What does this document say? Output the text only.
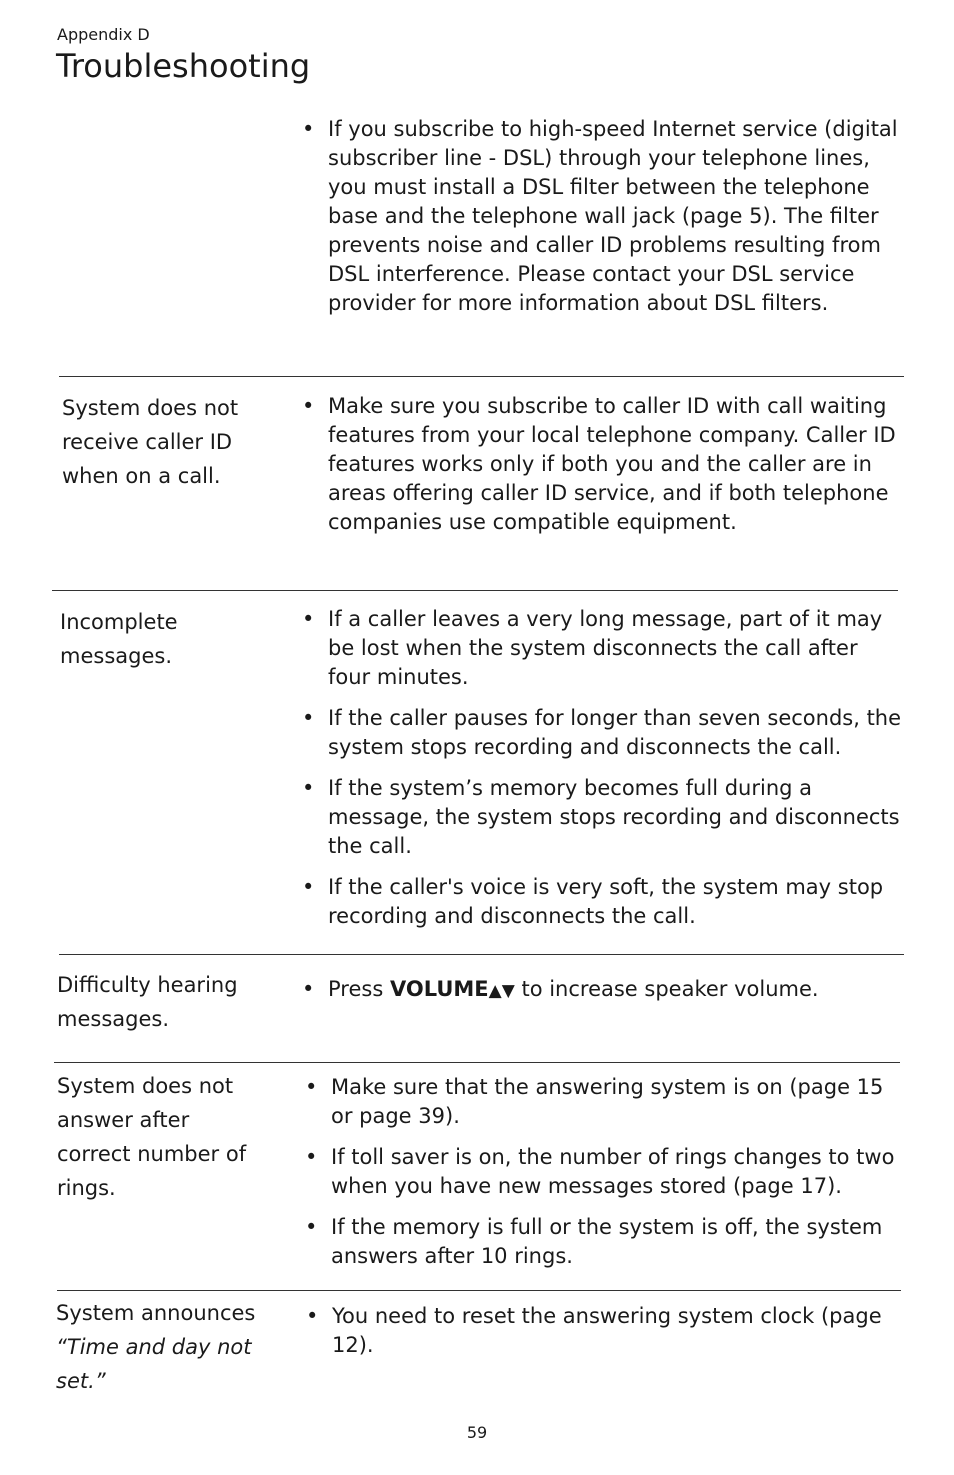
Appendix D
Troubleshooting
• If you subscribe to high-speed Internet service (digital subscriber line - DSL) through your telephone lines, you must install a DSL filter between the telephone base and the telephone wall jack (page 5). The filter prevents noise and caller ID problems resulting from DSL interference. Please contact your DSL service provider for more information about DSL filters.
System does not receive caller ID when on a call.
• Make sure you subscribe to caller ID with call waiting features from your local telephone company. Caller ID features works only if both you and the caller are in areas offering caller ID service, and if both telephone companies use compatible equipment.
Incomplete messages.
• If a caller leaves a very long message, part of it may be lost when the system disconnects the call after four minutes.
• If the caller pauses for longer than seven seconds, the system stops recording and disconnects the call.
• If the system’s memory becomes full during a message, the system stops recording and disconnects the call.
• If the caller's voice is very soft, the system may stop recording and disconnects the call.
Difficulty hearing messages.
• Press VOLUME▲▼ to increase speaker volume.
System does not answer after correct number of rings.
• Make sure that the answering system is on (page 15 or page 39).
• If toll saver is on, the number of rings changes to two when you have new messages stored (page 17).
• If the memory is full or the system is off, the system answers after 10 rings.
System announces “Time and day not set.”
• You need to reset the answering system clock (page 12).
59
